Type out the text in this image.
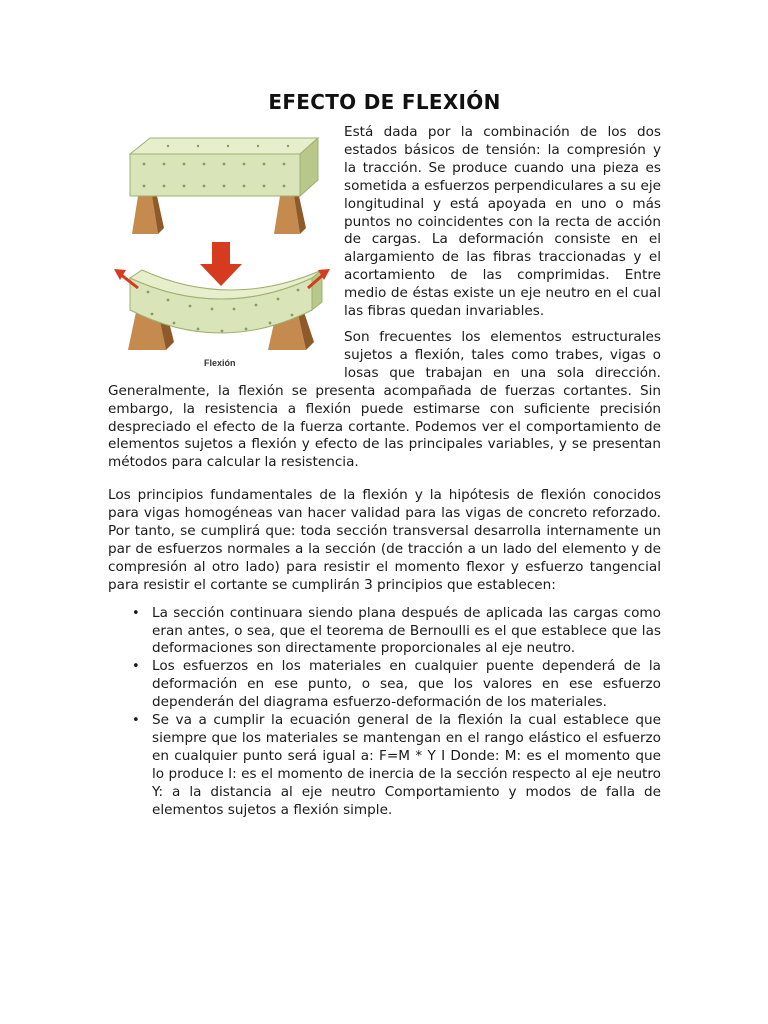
EFECTO DE FLEXIÓN
Flexión

Está dada por la combinación de los dos estados básicos de tensión: la compresión y la tracción. Se produce cuando una pieza es sometida a esfuerzos perpendiculares a su eje longitudinal y está apoyada en uno o más puntos no coincidentes con la recta de acción de cargas. La deformación consiste en el alargamiento de las fibras traccionadas y el acortamiento de las comprimidas. Entre medio de éstas existe un eje neutro en el cual las fibras quedan invariables.

Son frecuentes los elementos estructurales sujetos a flexión, tales como trabes, vigas o losas que trabajan en una sola dirección. Generalmente, la flexión se presenta acompañada de fuerzas cortantes. Sin embargo, la resistencia a flexión puede estimarse con suficiente precisión despreciado el efecto de la fuerza cortante. Podemos ver el comportamiento de elementos sujetos a flexión y efecto de las principales variables, y se presentan métodos para calcular la resistencia.

Los principios fundamentales de la flexión y la hipótesis de flexión conocidos para vigas homogéneas van hacer validad para las vigas de concreto reforzado. Por tanto, se cumplirá que: toda sección transversal desarrolla internamente un par de esfuerzos normales a la sección (de tracción a un lado del elemento y de compresión al otro lado) para resistir el momento flexor y esfuerzo tangencial para resistir el cortante se cumplirán 3 principios que establecen:

• La sección continuara siendo plana después de aplicada las cargas como eran antes, o sea, que el teorema de Bernoulli es el que establece que las deformaciones son directamente proporcionales al eje neutro.
• Los esfuerzos en los materiales en cualquier puente dependerá de la deformación en ese punto, o sea, que los valores en ese esfuerzo dependerán del diagrama esfuerzo-deformación de los materiales.
• Se va a cumplir la ecuación general de la flexión la cual establece que siempre que los materiales se mantengan en el rango elástico el esfuerzo en cualquier punto será igual a: F=M * Y I Donde: M: es el momento que lo produce I: es el momento de inercia de la sección respecto al eje neutro Y: a la distancia al eje neutro Comportamiento y modos de falla de elementos sujetos a flexión simple.
